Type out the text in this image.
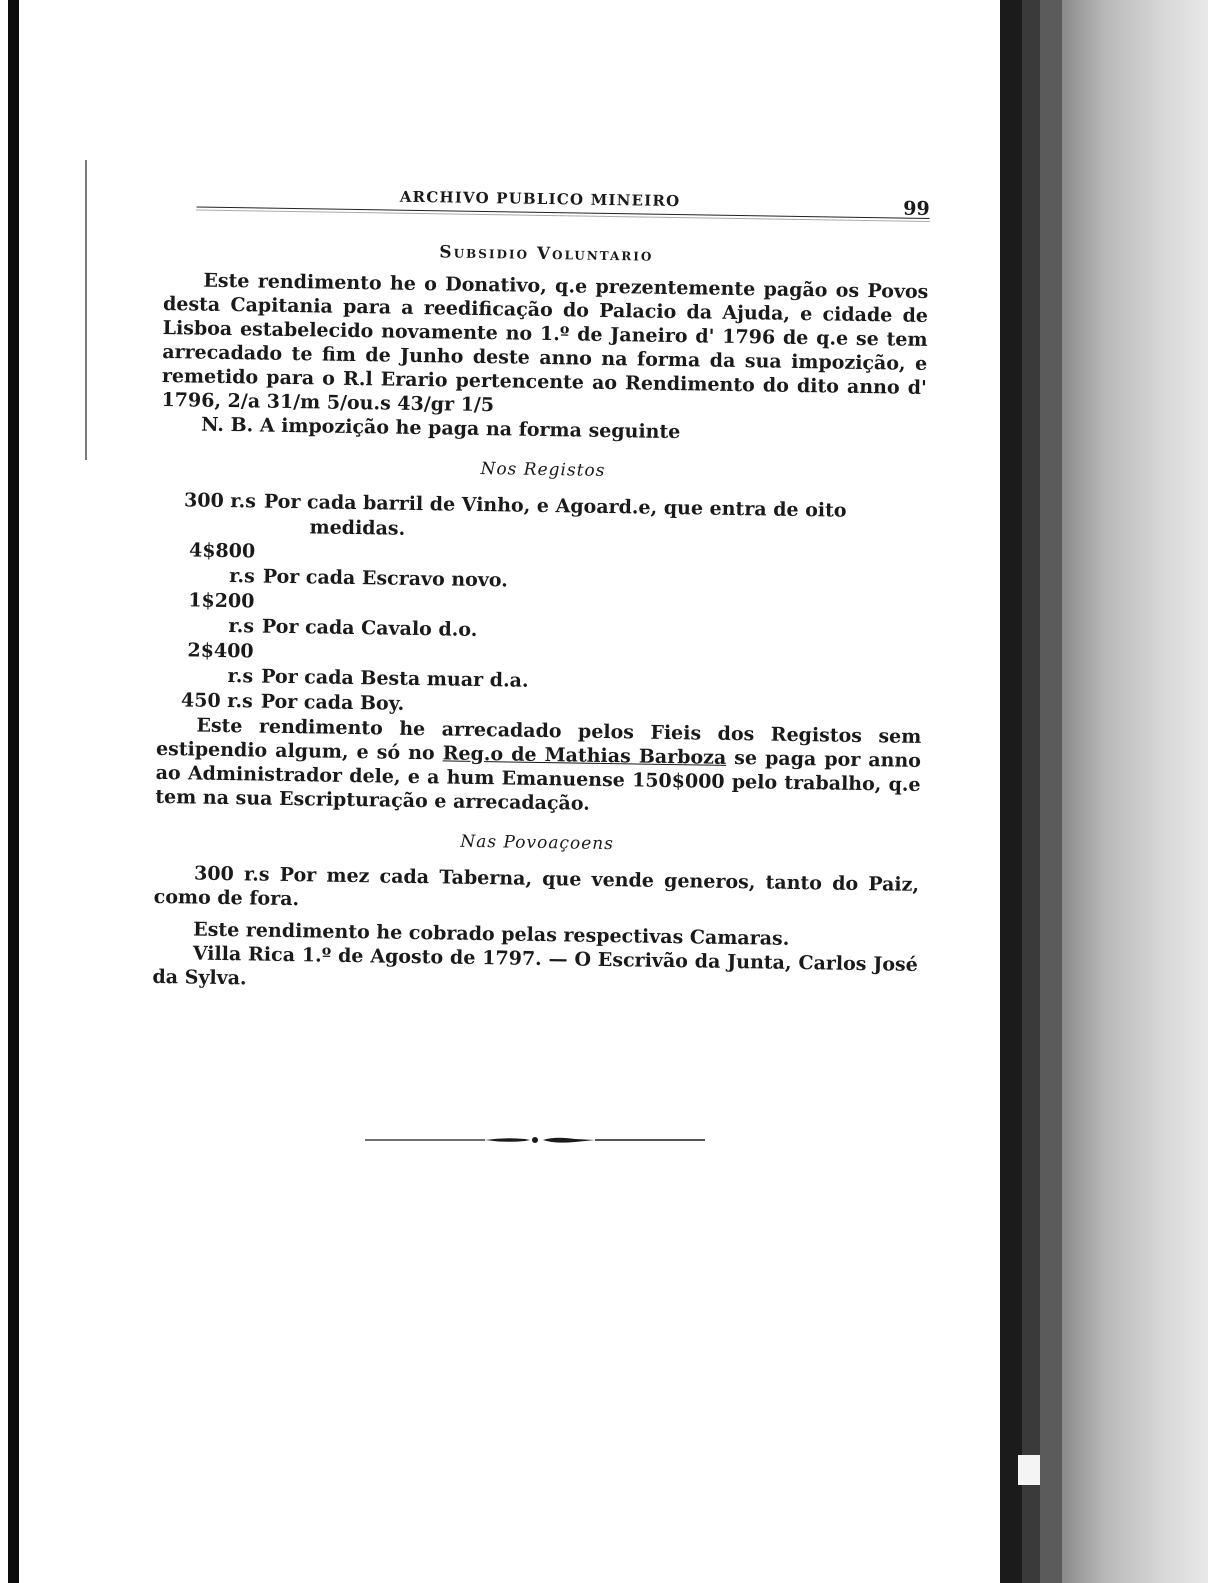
ARCHIVO PUBLICO MINEIRO	99
Subsidio Voluntario

Este rendimento he o Donativo, q.e prezentemente pagão os Povos desta Capitania para a reedificação do Palacio da Ajuda, e cidade de Lisboa estabelecido novamente no 1.º de Janeiro d' 1796 de q.e se tem arrecadado te fim de Junho deste anno na forma da sua impozição, e remetido para o R.l Erario pertencente ao Rendimento do dito anno d' 1796, 2/a 31/m 5/ou.s 43/gr 1/5

N. B. A impozição he paga na forma seguinte

Nos Registos
300 r.s Por cada barril de Vinho, e Agoard.e, que entra de oito
medidas.
4$800 r.s Por cada Escravo novo.
1$200 r.s Por cada Cavalo d.o.
2$400 r.s Por cada Besta muar d.a.
450 r.s Por cada Boy.

Este rendimento he arrecadado pelos Fieis dos Registos sem estipendio algum, e só no Reg.o de Mathias Barboza se paga por anno ao Administrador dele, e a hum Emanuense 150$000 pelo trabalho, q.e tem na sua Escripturação e arrecadação.

Nas Povoaçoens

300 r.s Por mez cada Taberna, que vende generos, tanto do Paiz, como de fora.

Este rendimento he cobrado pelas respectivas Camaras.

Villa Rica 1.º de Agosto de 1797. — O Escrivão da Junta, Carlos José da Sylva.
